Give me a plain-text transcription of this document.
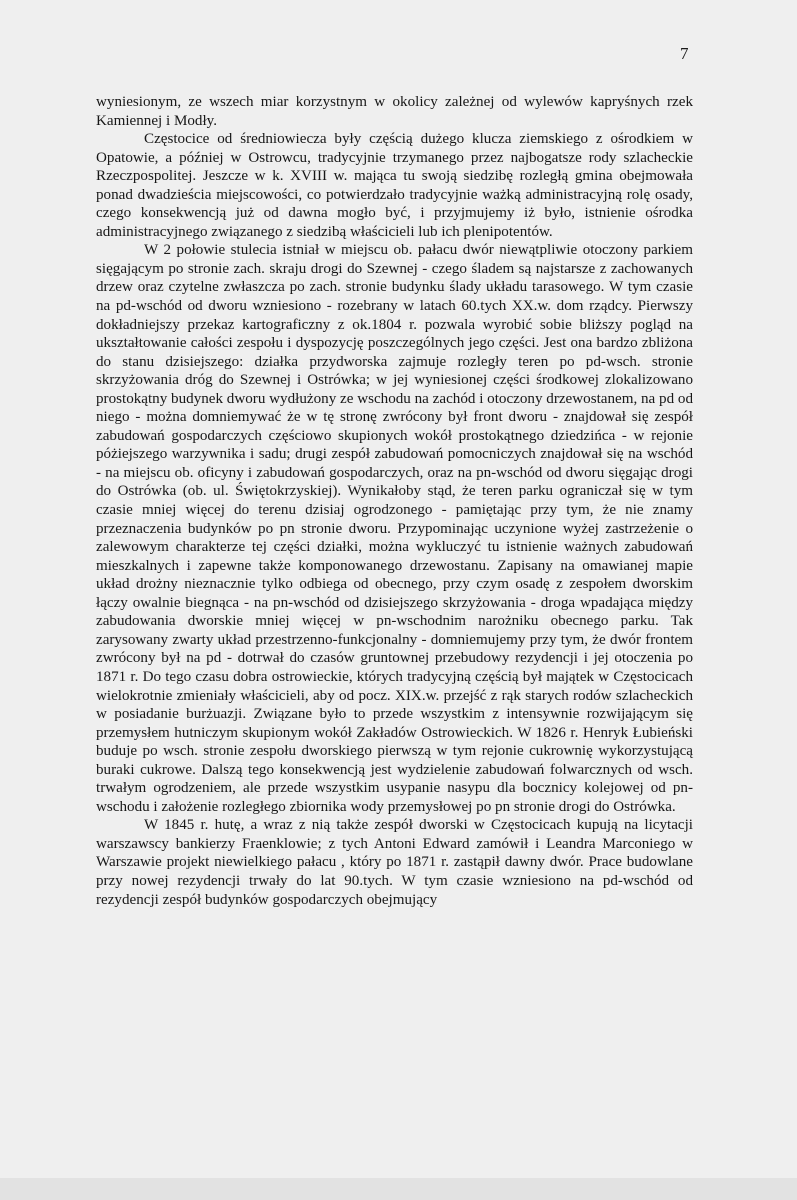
7

wyniesionym, ze wszech miar korzystnym w okolicy zależnej od wylewów kapryśnych rzek Kamiennej i Modły.

Częstocice od średniowiecza były częścią dużego klucza ziemskiego z ośrodkiem w Opatowie, a później w Ostrowcu, tradycyjnie trzymanego przez najbogatsze rody szlacheckie Rzeczpospolitej. Jeszcze w k. XVIII w. mająca tu swoją siedzibę rozległą gmina obejmowała ponad dwadzieścia miejscowości, co potwierdzało tradycyjnie ważką administracyjną rolę osady, czego konsekwencją już od dawna mogło być, i przyjmujemy iż było, istnienie ośrodka administracyjnego związanego z siedzibą właścicieli lub ich plenipotentów.

W 2 połowie stulecia istniał w miejscu ob. pałacu dwór niewątpliwie otoczony parkiem sięgającym po stronie zach. skraju drogi do Szewnej - czego śladem są najstarsze z zachowanych drzew oraz czytelne zwłaszcza po zach. stronie budynku ślady układu tarasowego. W tym czasie na pd-wschód od dworu wzniesiono - rozebrany w latach 60.tych XX.w. dom rządcy. Pierwszy dokładniejszy przekaz kartograficzny z ok.1804 r. pozwala wyrobić sobie bliższy pogląd na ukształtowanie całości zespołu i dyspozycję poszczególnych jego części. Jest ona bardzo zbliżona do stanu dzisiejszego: działka przydworska zajmuje rozległy teren po pd-wsch. stronie skrzyżowania dróg do Szewnej i Ostrówka; w jej wyniesionej części środkowej zlokalizowano prostokątny budynek dworu wydłużony ze wschodu na zachód i otoczony drzewostanem, na pd od niego - można domniemywać że w tę stronę zwrócony był front dworu - znajdował się zespół zabudowań gospodarczych częściowo skupionych wokół prostokątnego dziedzińca - w rejonie póżiejszego warzywnika i sadu; drugi zespół zabudowań pomocniczych znajdował się na wschód - na miejscu ob. oficyny i zabudowań gospodarczych, oraz na pn-wschód od dworu sięgając drogi do Ostrówka (ob. ul. Świętokrzyskiej). Wynikałoby stąd, że teren parku ograniczał się w tym czasie mniej więcej do terenu dzisiaj ogrodzonego - pamiętając przy tym, że nie znamy przeznaczenia budynków po pn stronie dworu. Przypominając uczynione wyżej zastrzeżenie o zalewowym charakterze tej części działki, można wykluczyć tu istnienie ważnych zabudowań mieszkalnych i zapewne także komponowanego drzewostanu. Zapisany na omawianej mapie układ drożny nieznacznie tylko odbiega od obecnego, przy czym osadę z zespołem dworskim łączy owalnie biegnąca - na pn-wschód od dzisiejszego skrzyżowania - droga wpadająca między zabudowania dworskie mniej więcej w pn-wschodnim narożniku obecnego parku. Tak zarysowany zwarty układ przestrzenno-funkcjonalny - domniemujemy przy tym, że dwór frontem zwrócony był na pd - dotrwał do czasów gruntownej przebudowy rezydencji i jej otoczenia po 1871 r. Do tego czasu dobra ostrowieckie, których tradycyjną częścią był majątek w Częstocicach wielokrotnie zmieniały właścicieli, aby od pocz. XIX.w. przejść z rąk starych rodów szlacheckich w posiadanie burżuazji. Związane było to przede wszystkim z intensywnie rozwijającym się przemysłem hutniczym skupionym wokół Zakładów Ostrowieckich. W 1826 r. Henryk Łubieński buduje po wsch. stronie zespołu dworskiego pierwszą w tym rejonie cukrownię wykorzystującą buraki cukrowe. Dalszą tego konsekwencją jest wydzielenie zabudowań folwarcznych od wsch. trwałym ogrodzeniem, ale przede wszystkim usypanie nasypu dla bocznicy kolejowej od pn-wschodu i założenie rozległego zbiornika wody przemysłowej po pn stronie drogi do Ostrówka.

W 1845 r. hutę, a wraz z nią także zespół dworski w Częstocicach kupują na licytacji warszawscy bankierzy Fraenklowie; z tych Antoni Edward zamówił i Leandra Marconiego w Warszawie projekt niewielkiego pałacu , który po 1871 r. zastąpił dawny dwór. Prace budowlane przy nowej rezydencji trwały do lat 90.tych. W tym czasie wzniesiono na pd-wschód od rezydencji zespół budynków gospodarczych obejmujący
